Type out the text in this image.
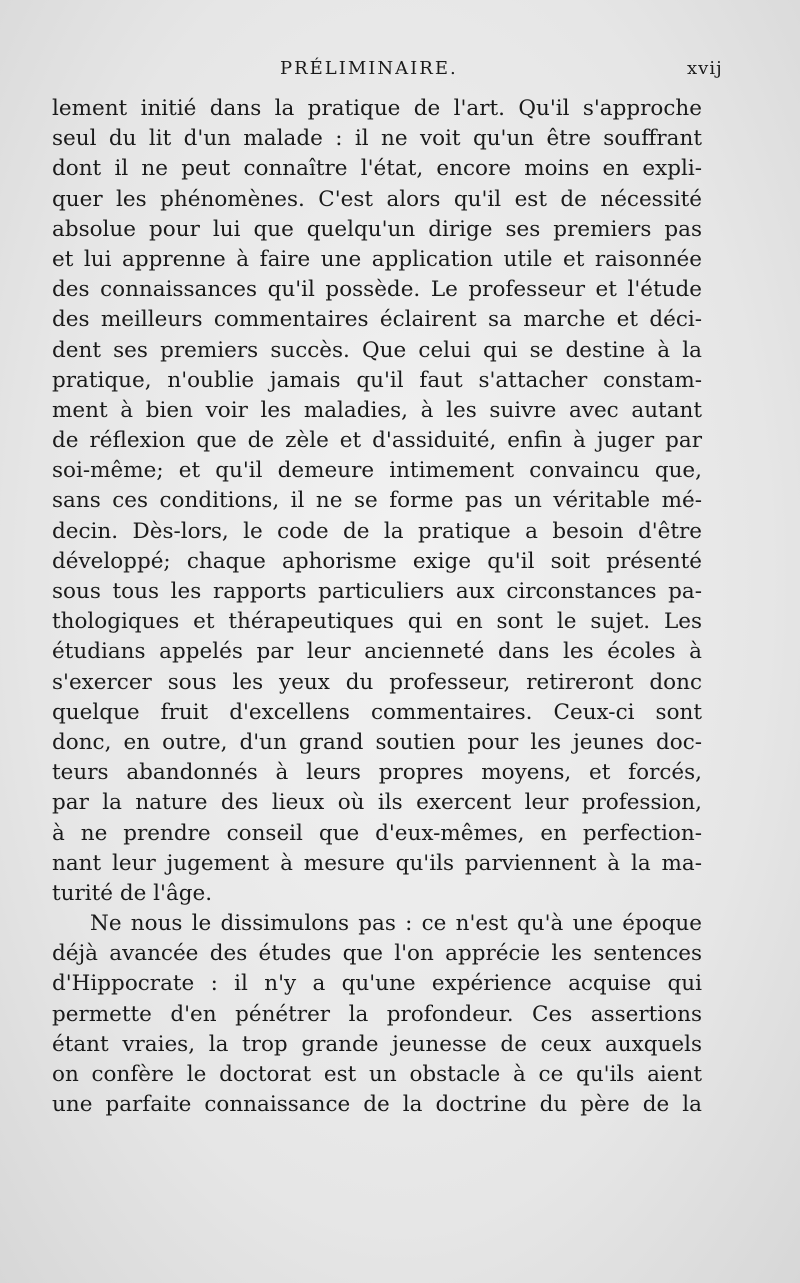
PRÉLIMINAIRE.	xvij
lement initié dans la pratique de l'art. Qu'il s'approche
seul du lit d'un malade : il ne voit qu'un être souffrant
dont il ne peut connaître l'état, encore moins en expli-
quer les phénomènes. C'est alors qu'il est de nécessité
absolue pour lui que quelqu'un dirige ses premiers pas
et lui apprenne à faire une application utile et raisonnée
des connaissances qu'il possède. Le professeur et l'étude
des meilleurs commentaires éclairent sa marche et déci-
dent ses premiers succès. Que celui qui se destine à la
pratique, n'oublie jamais qu'il faut s'attacher constam-
ment à bien voir les maladies, à les suivre avec autant
de réflexion que de zèle et d'assiduité, enfin à juger par
soi-même; et qu'il demeure intimement convaincu que,
sans ces conditions, il ne se forme pas un véritable mé-
decin. Dès-lors, le code de la pratique a besoin d'être
développé; chaque aphorisme exige qu'il soit présenté
sous tous les rapports particuliers aux circonstances pa-
thologiques et thérapeutiques qui en sont le sujet. Les
étudians appelés par leur ancienneté dans les écoles à
s'exercer sous les yeux du professeur, retireront donc
quelque fruit d'excellens commentaires. Ceux-ci sont
donc, en outre, d'un grand soutien pour les jeunes doc-
teurs abandonnés à leurs propres moyens, et forcés,
par la nature des lieux où ils exercent leur profession,
à ne prendre conseil que d'eux-mêmes, en perfection-
nant leur jugement à mesure qu'ils parviennent à la ma-
turité de l'âge.
Ne nous le dissimulons pas : ce n'est qu'à une époque
déjà avancée des études que l'on apprécie les sentences
d'Hippocrate : il n'y a qu'une expérience acquise qui
permette d'en pénétrer la profondeur. Ces assertions
étant vraies, la trop grande jeunesse de ceux auxquels
on confère le doctorat est un obstacle à ce qu'ils aient
une parfaite connaissance de la doctrine du père de la
